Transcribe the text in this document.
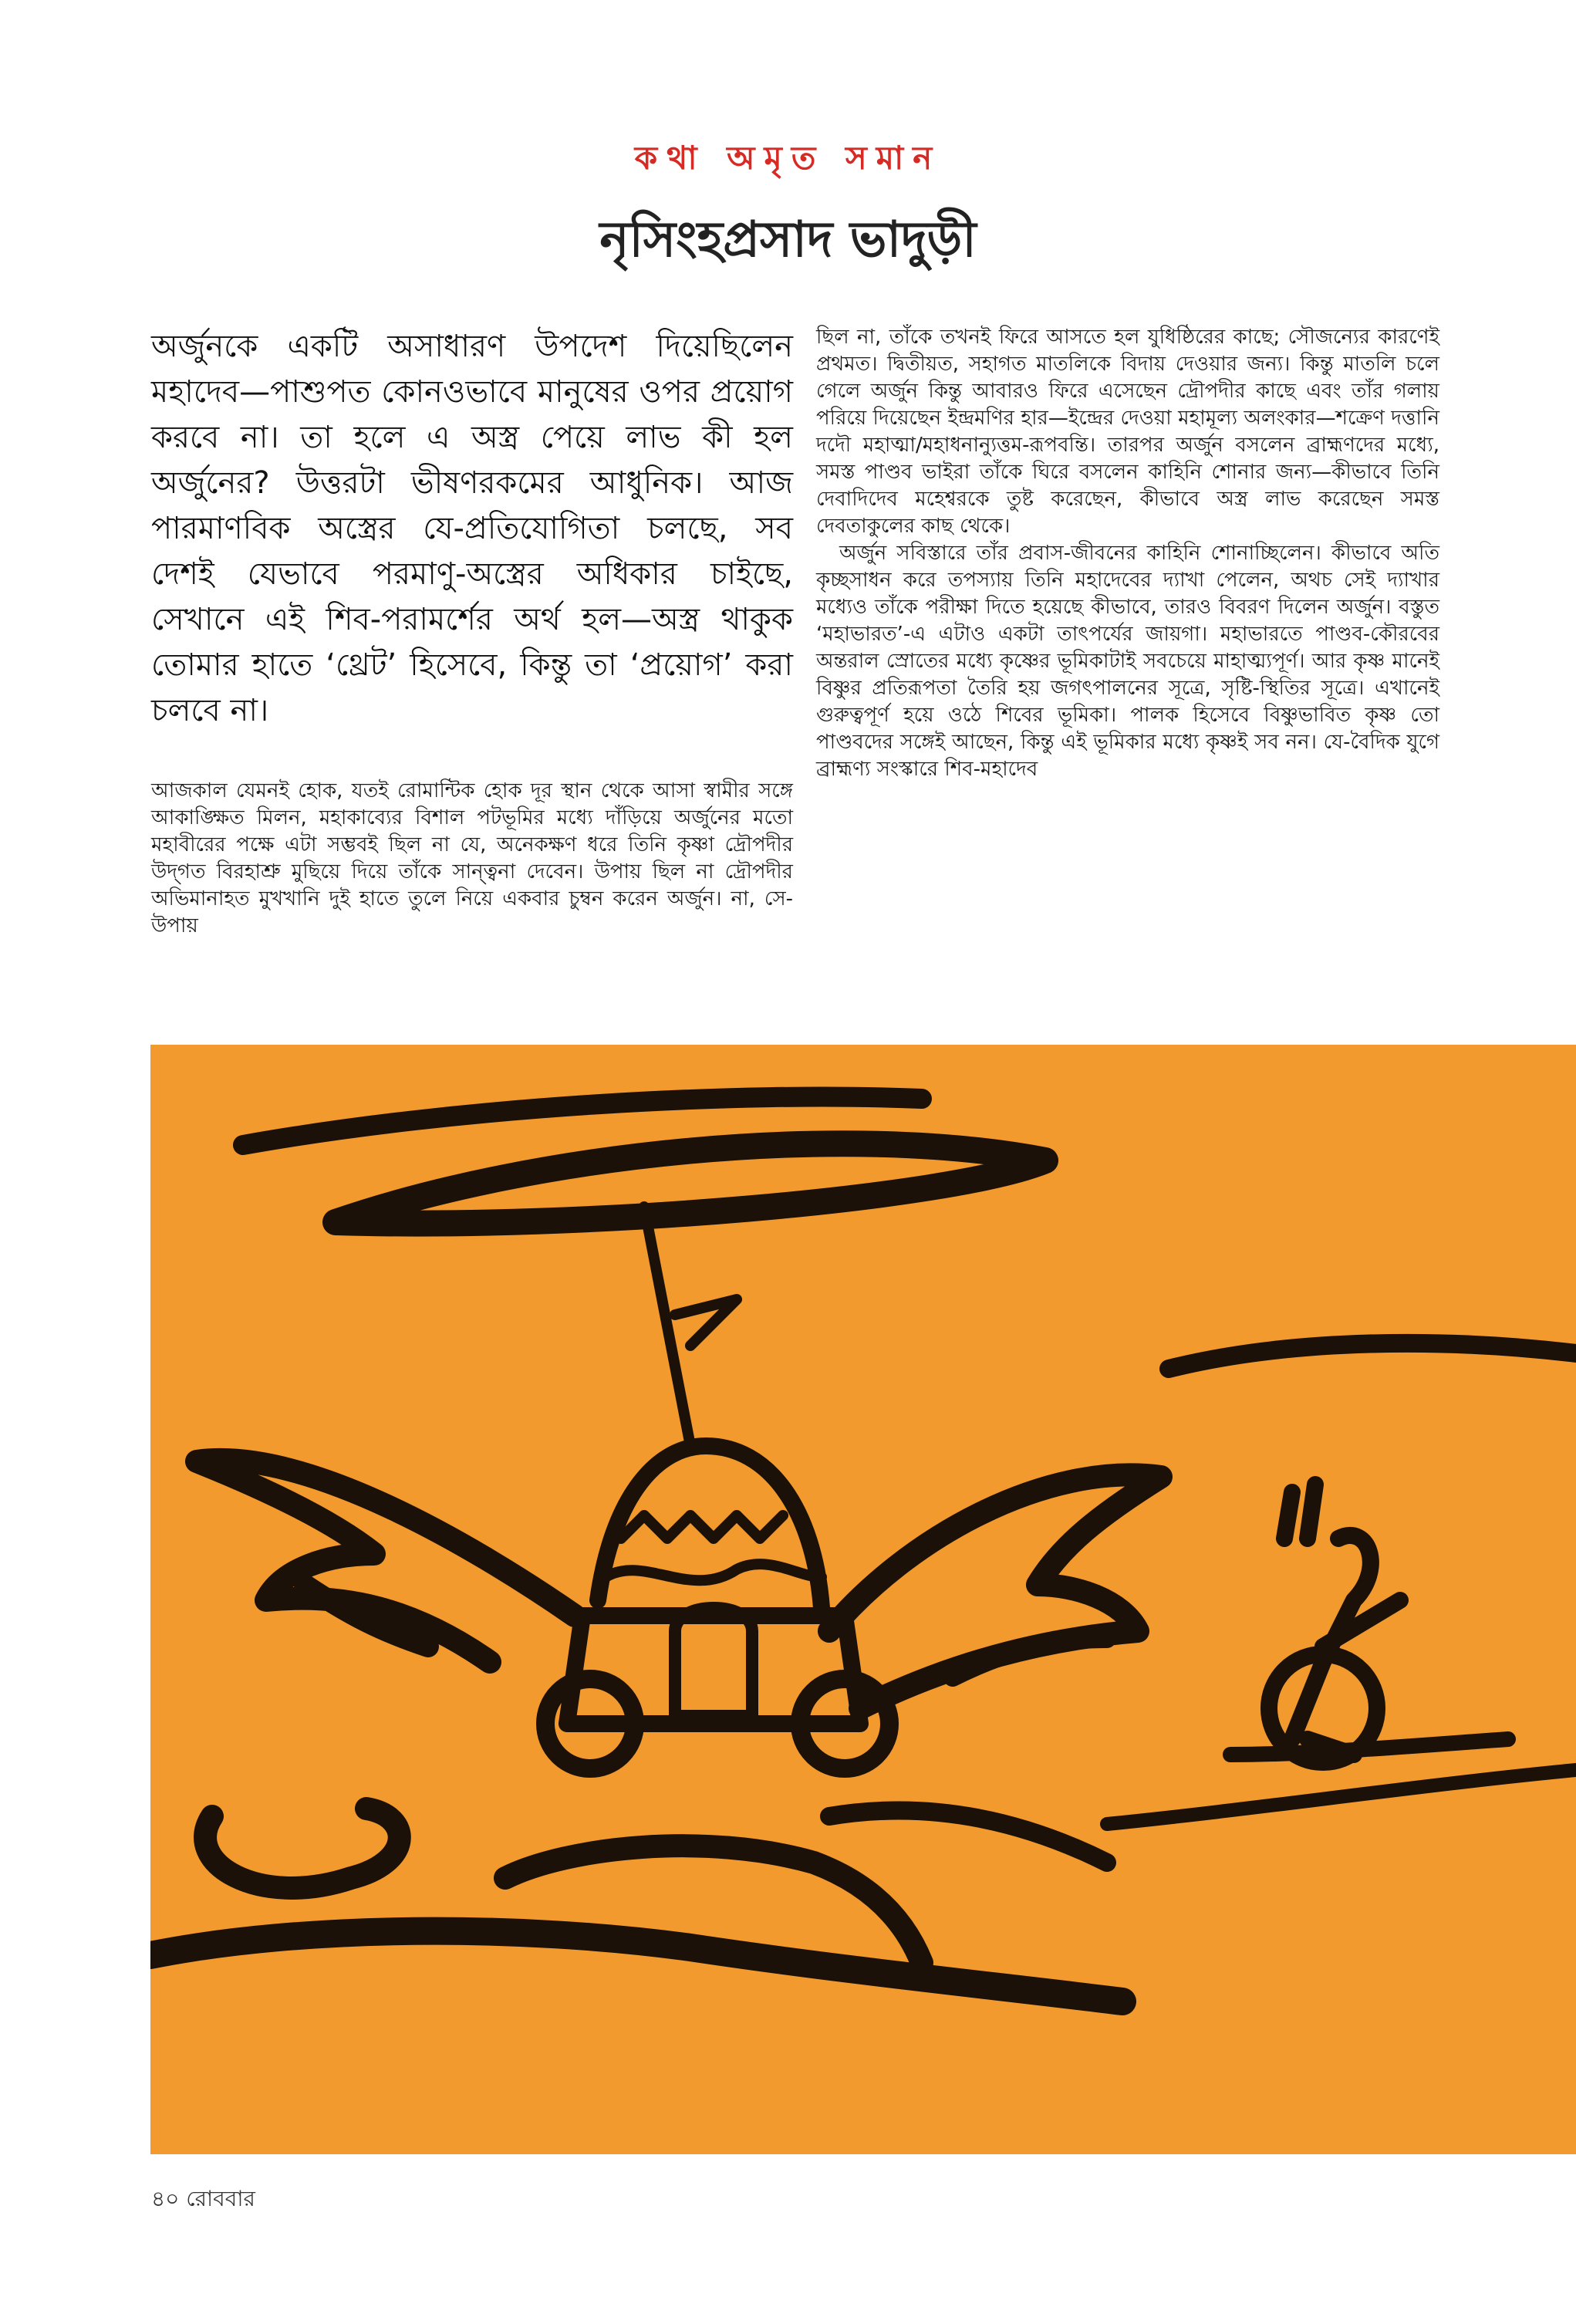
কথা অমৃত সমান
নৃসিংহপ্রসাদ ভাদুড়ী

অর্জুনকে একটি অসাধারণ উপদেশ দিয়েছিলেন মহাদেব—পাশুপত কোনওভাবে মানুষের ওপর প্রয়োগ করবে না। তা হলে এ অস্ত্র পেয়ে লাভ কী হল অর্জুনের? উত্তরটা ভীষণরকমের আধুনিক। আজ পারমাণবিক অস্ত্রের যে-প্রতিযোগিতা চলছে, সব দেশই যেভাবে পরমাণু-অস্ত্রের অধিকার চাইছে, সেখানে এই শিব-পরামর্শের অর্থ হল—অস্ত্র থাকুক তোমার হাতে ‘থ্রেট’ হিসেবে, কিন্তু তা ‘প্রয়োগ’ করা চলবে না।

আজকাল যেমনই হোক, যতই রোমান্টিক হোক দূর স্থান থেকে আসা স্বামীর সঙ্গে আকাঙ্ক্ষিত মিলন, মহাকাব্যের বিশাল পটভূমির মধ্যে দাঁড়িয়ে অর্জুনের মতো মহাবীরের পক্ষে এটা সম্ভবই ছিল না যে, অনেকক্ষণ ধরে তিনি কৃষ্ণা দ্রৌপদীর উদ্‌গত বিরহাশ্রু মুছিয়ে দিয়ে তাঁকে সান্ত্বনা দেবেন। উপায় ছিল না দ্রৌপদীর অভিমানাহত মুখখানি দুই হাতে তুলে নিয়ে একবার চুম্বন করেন অর্জুন। না, সে-উপায়

ছিল না, তাঁকে তখনই ফিরে আসতে হল যুধিষ্ঠিরের কাছে; সৌজন্যের কারণেই প্রথমত। দ্বিতীয়ত, সহাগত মাতলিকে বিদায় দেওয়ার জন্য। কিন্তু মাতলি চলে গেলে অর্জুন কিন্তু আবারও ফিরে এসেছেন দ্রৌপদীর কাছে এবং তাঁর গলায় পরিয়ে দিয়েছেন ইন্দ্রমণির হার—ইন্দ্রের দেওয়া মহামূল্য অলংকার—শক্রেণ দত্তানি দদৌ মহাত্মা/মহাধনান্যুত্তম-রূপবন্তি। তারপর অর্জুন বসলেন ব্রাহ্মণদের মধ্যে, সমস্ত পাণ্ডব ভাইরা তাঁকে ঘিরে বসলেন কাহিনি শোনার জন্য—কীভাবে তিনি দেবাদিদেব মহেশ্বরকে তুষ্ট করেছেন, কীভাবে অস্ত্র লাভ করেছেন সমস্ত দেবতাকুলের কাছ থেকে।

অর্জুন সবিস্তারে তাঁর প্রবাস-জীবনের কাহিনি শোনাচ্ছিলেন। কীভাবে অতি কৃচ্ছসাধন করে তপস্যায় তিনি মহাদেবের দ্যাখা পেলেন, অথচ সেই দ্যাখার মধ্যেও তাঁকে পরীক্ষা দিতে হয়েছে কীভাবে, তারও বিবরণ দিলেন অর্জুন। বস্তুত ‘মহাভারত’-এ এটাও একটা তাৎপর্যের জায়গা। মহাভারতে পাণ্ডব-কৌরবের অন্তরাল স্রোতের মধ্যে কৃষ্ণের ভূমিকাটাই সবচেয়ে মাহাত্ম্যপূর্ণ। আর কৃষ্ণ মানেই বিষ্ণুর প্রতিরূপতা তৈরি হয় জগৎপালনের সূত্রে, সৃষ্টি-স্থিতির সূত্রে। এখানেই গুরুত্বপূর্ণ হয়ে ওঠে শিবের ভূমিকা। পালক হিসেবে বিষ্ণুভাবিত কৃষ্ণ তো পাণ্ডবদের সঙ্গেই আছেন, কিন্তু এই ভূমিকার মধ্যে কৃষ্ণই সব নন। যে-বৈদিক যুগে ব্রাহ্মণ্য সংস্কারে শিব-মহাদেব

৪০ রোববার
